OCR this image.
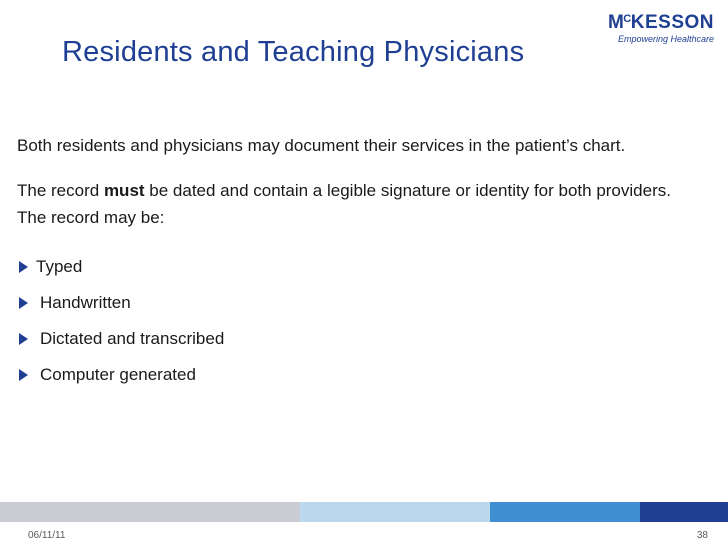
Residents and Teaching Physicians
$M^CKESSON$
Empowering Healthcare

Both residents and physicians may document their services in the patient’s chart.

The record must be dated and contain a legible signature or identity for both providers.

The record may be:

Typed
Handwritten
Dictated and transcribed
Computer generated
06/11/11	38
